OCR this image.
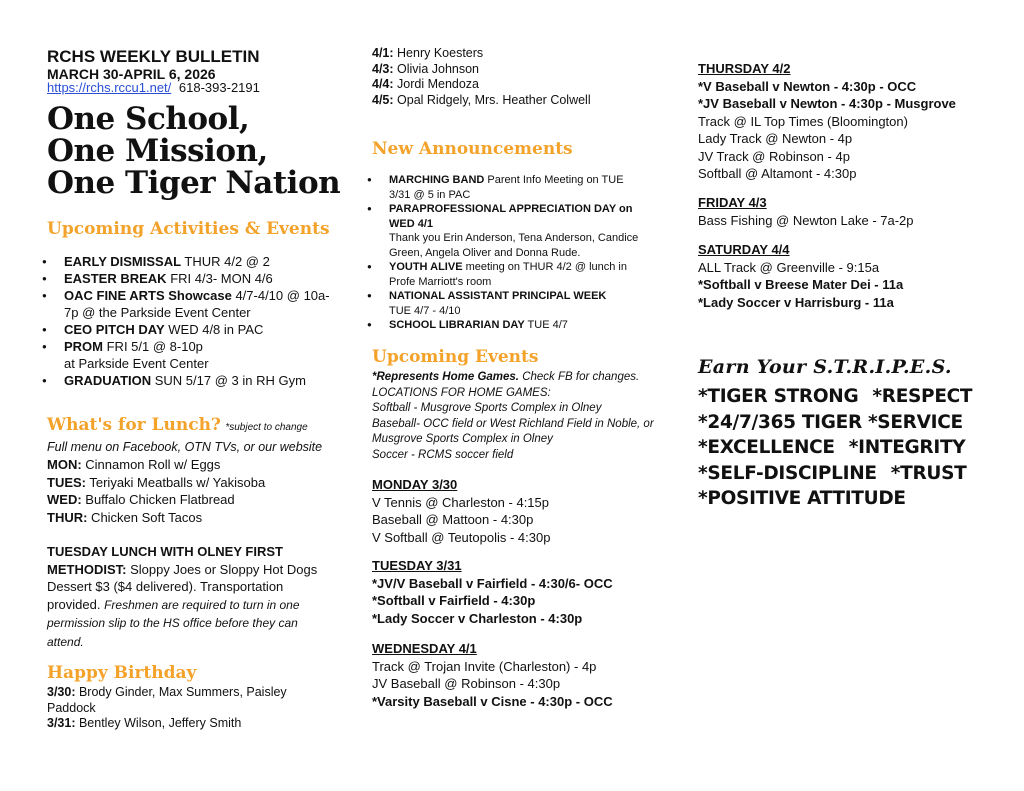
RCHS WEEKLY BULLETIN
MARCH 30-APRIL 6, 2026
https://rchs.rccu1.net/ 618-393-2191
One School,
One Mission,
One Tiger Nation
Upcoming Activities & Events
● EARLY DISMISSAL THUR 4/2 @ 2
● EASTER BREAK FRI 4/3- MON 4/6
● OAC FINE ARTS Showcase 4/7-4/10 @ 10a-7p @ the Parkside Event Center
● CEO PITCH DAY WED 4/8 in PAC
● PROM FRI 5/1 @ 8-10p
at Parkside Event Center
● GRADUATION SUN 5/17 @ 3 in RH Gym
What's for Lunch? *subject to change
Full menu on Facebook, OTN TVs, or our website
MON: Cinnamon Roll w/ Eggs
TUES: Teriyaki Meatballs w/ Yakisoba
WED: Buffalo Chicken Flatbread
THUR: Chicken Soft Tacos
TUESDAY LUNCH WITH OLNEY FIRST METHODIST: Sloppy Joes or Sloppy Hot Dogs Dessert $3 ($4 delivered). Transportation provided. Freshmen are required to turn in one permission slip to the HS office before they can attend.
Happy Birthday
3/30: Brody Ginder, Max Summers, Paisley Paddock
3/31: Bentley Wilson, Jeffery Smith
4/1: Henry Koesters
4/3: Olivia Johnson
4/4: Jordi Mendoza
4/5: Opal Ridgely, Mrs. Heather Colwell
New Announcements
● MARCHING BAND Parent Info Meeting on TUE 3/31 @ 5 in PAC
● PARAPROFESSIONAL APPRECIATION DAY on WED 4/1
Thank you Erin Anderson, Tena Anderson, Candice Green, Angela Oliver and Donna Rude.
● YOUTH ALIVE meeting on THUR 4/2 @ lunch in Profe Marriott's room
● NATIONAL ASSISTANT PRINCIPAL WEEK
TUE 4/7 - 4/10
● SCHOOL LIBRARIAN DAY TUE 4/7
Upcoming Events
*Represents Home Games. Check FB for changes.
LOCATIONS FOR HOME GAMES:
Softball - Musgrove Sports Complex in Olney
Baseball- OCC field or West Richland Field in Noble, or Musgrove Sports Complex in Olney
Soccer - RCMS soccer field
MONDAY 3/30
V Tennis @ Charleston - 4:15p
Baseball @ Mattoon - 4:30p
V Softball @ Teutopolis - 4:30p
TUESDAY 3/31
*JV/V Baseball v Fairfield - 4:30/6- OCC
*Softball v Fairfield - 4:30p
*Lady Soccer v Charleston - 4:30p
WEDNESDAY 4/1
Track @ Trojan Invite (Charleston) - 4p
JV Baseball @ Robinson - 4:30p
*Varsity Baseball v Cisne - 4:30p - OCC
THURSDAY 4/2
*V Baseball v Newton - 4:30p - OCC
*JV Baseball v Newton - 4:30p - Musgrove
Track @ IL Top Times (Bloomington)
Lady Track @ Newton - 4p
JV Track @ Robinson - 4p
Softball @ Altamont - 4:30p
FRIDAY 4/3
Bass Fishing @ Newton Lake - 7a-2p
SATURDAY 4/4
ALL Track @ Greenville - 9:15a
*Softball v Breese Mater Dei - 11a
*Lady Soccer v Harrisburg - 11a
Earn Your S.T.R.I.P.E.S.
*TIGER STRONG *RESPECT
*24/7/365 TIGER *SERVICE
*EXCELLENCE *INTEGRITY
*SELF-DISCIPLINE *TRUST
*POSITIVE ATTITUDE
